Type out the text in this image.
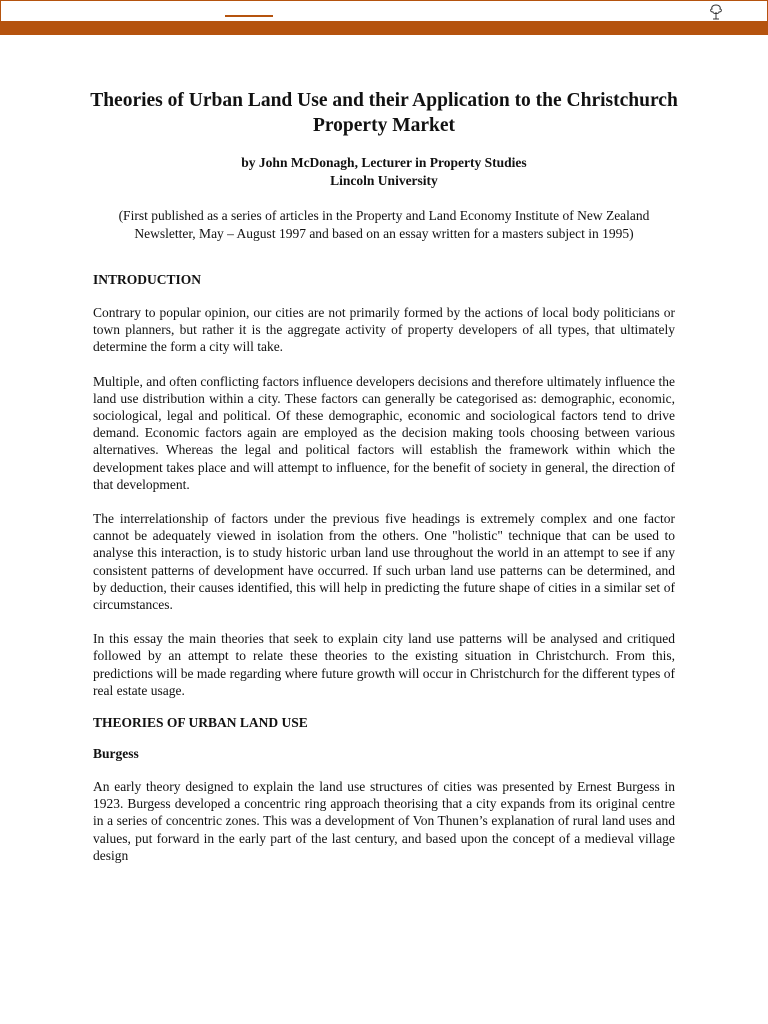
Theories of Urban Land Use and their Application to the Christchurch Property Market
by John McDonagh, Lecturer in Property Studies
Lincoln University
(First published as a series of articles in the Property and Land Economy Institute of New Zealand Newsletter, May – August 1997 and based on an essay written for a masters subject in 1995)
INTRODUCTION

Contrary to popular opinion, our cities are not primarily formed by the actions of local body politicians or town planners, but rather it is the aggregate activity of property developers of all types, that ultimately determine the form a city will take.

Multiple, and often conflicting factors influence developers decisions and therefore ultimately influence the land use distribution within a city. These factors can generally be categorised as: demographic, economic, sociological, legal and political. Of these demographic, economic and sociological factors tend to drive demand. Economic factors again are employed as the decision making tools choosing between various alternatives. Whereas the legal and political factors will establish the framework within which the development takes place and will attempt to influence, for the benefit of society in general, the direction of that development.

The interrelationship of factors under the previous five headings is extremely complex and one factor cannot be adequately viewed in isolation from the others. One "holistic" technique that can be used to analyse this interaction, is to study historic urban land use throughout the world in an attempt to see if any consistent patterns of development have occurred. If such urban land use patterns can be determined, and by deduction, their causes identified, this will help in predicting the future shape of cities in a similar set of circumstances.

In this essay the main theories that seek to explain city land use patterns will be analysed and critiqued followed by an attempt to relate these theories to the existing situation in Christchurch. From this, predictions will be made regarding where future growth will occur in Christchurch for the different types of real estate usage.

THEORIES OF URBAN LAND USE
Burgess

An early theory designed to explain the land use structures of cities was presented by Ernest Burgess in 1923. Burgess developed a concentric ring approach theorising that a city expands from its original centre in a series of concentric zones. This was a development of Von Thunen’s explanation of rural land uses and values, put forward in the early part of the last century, and based upon the concept of a medieval village design
